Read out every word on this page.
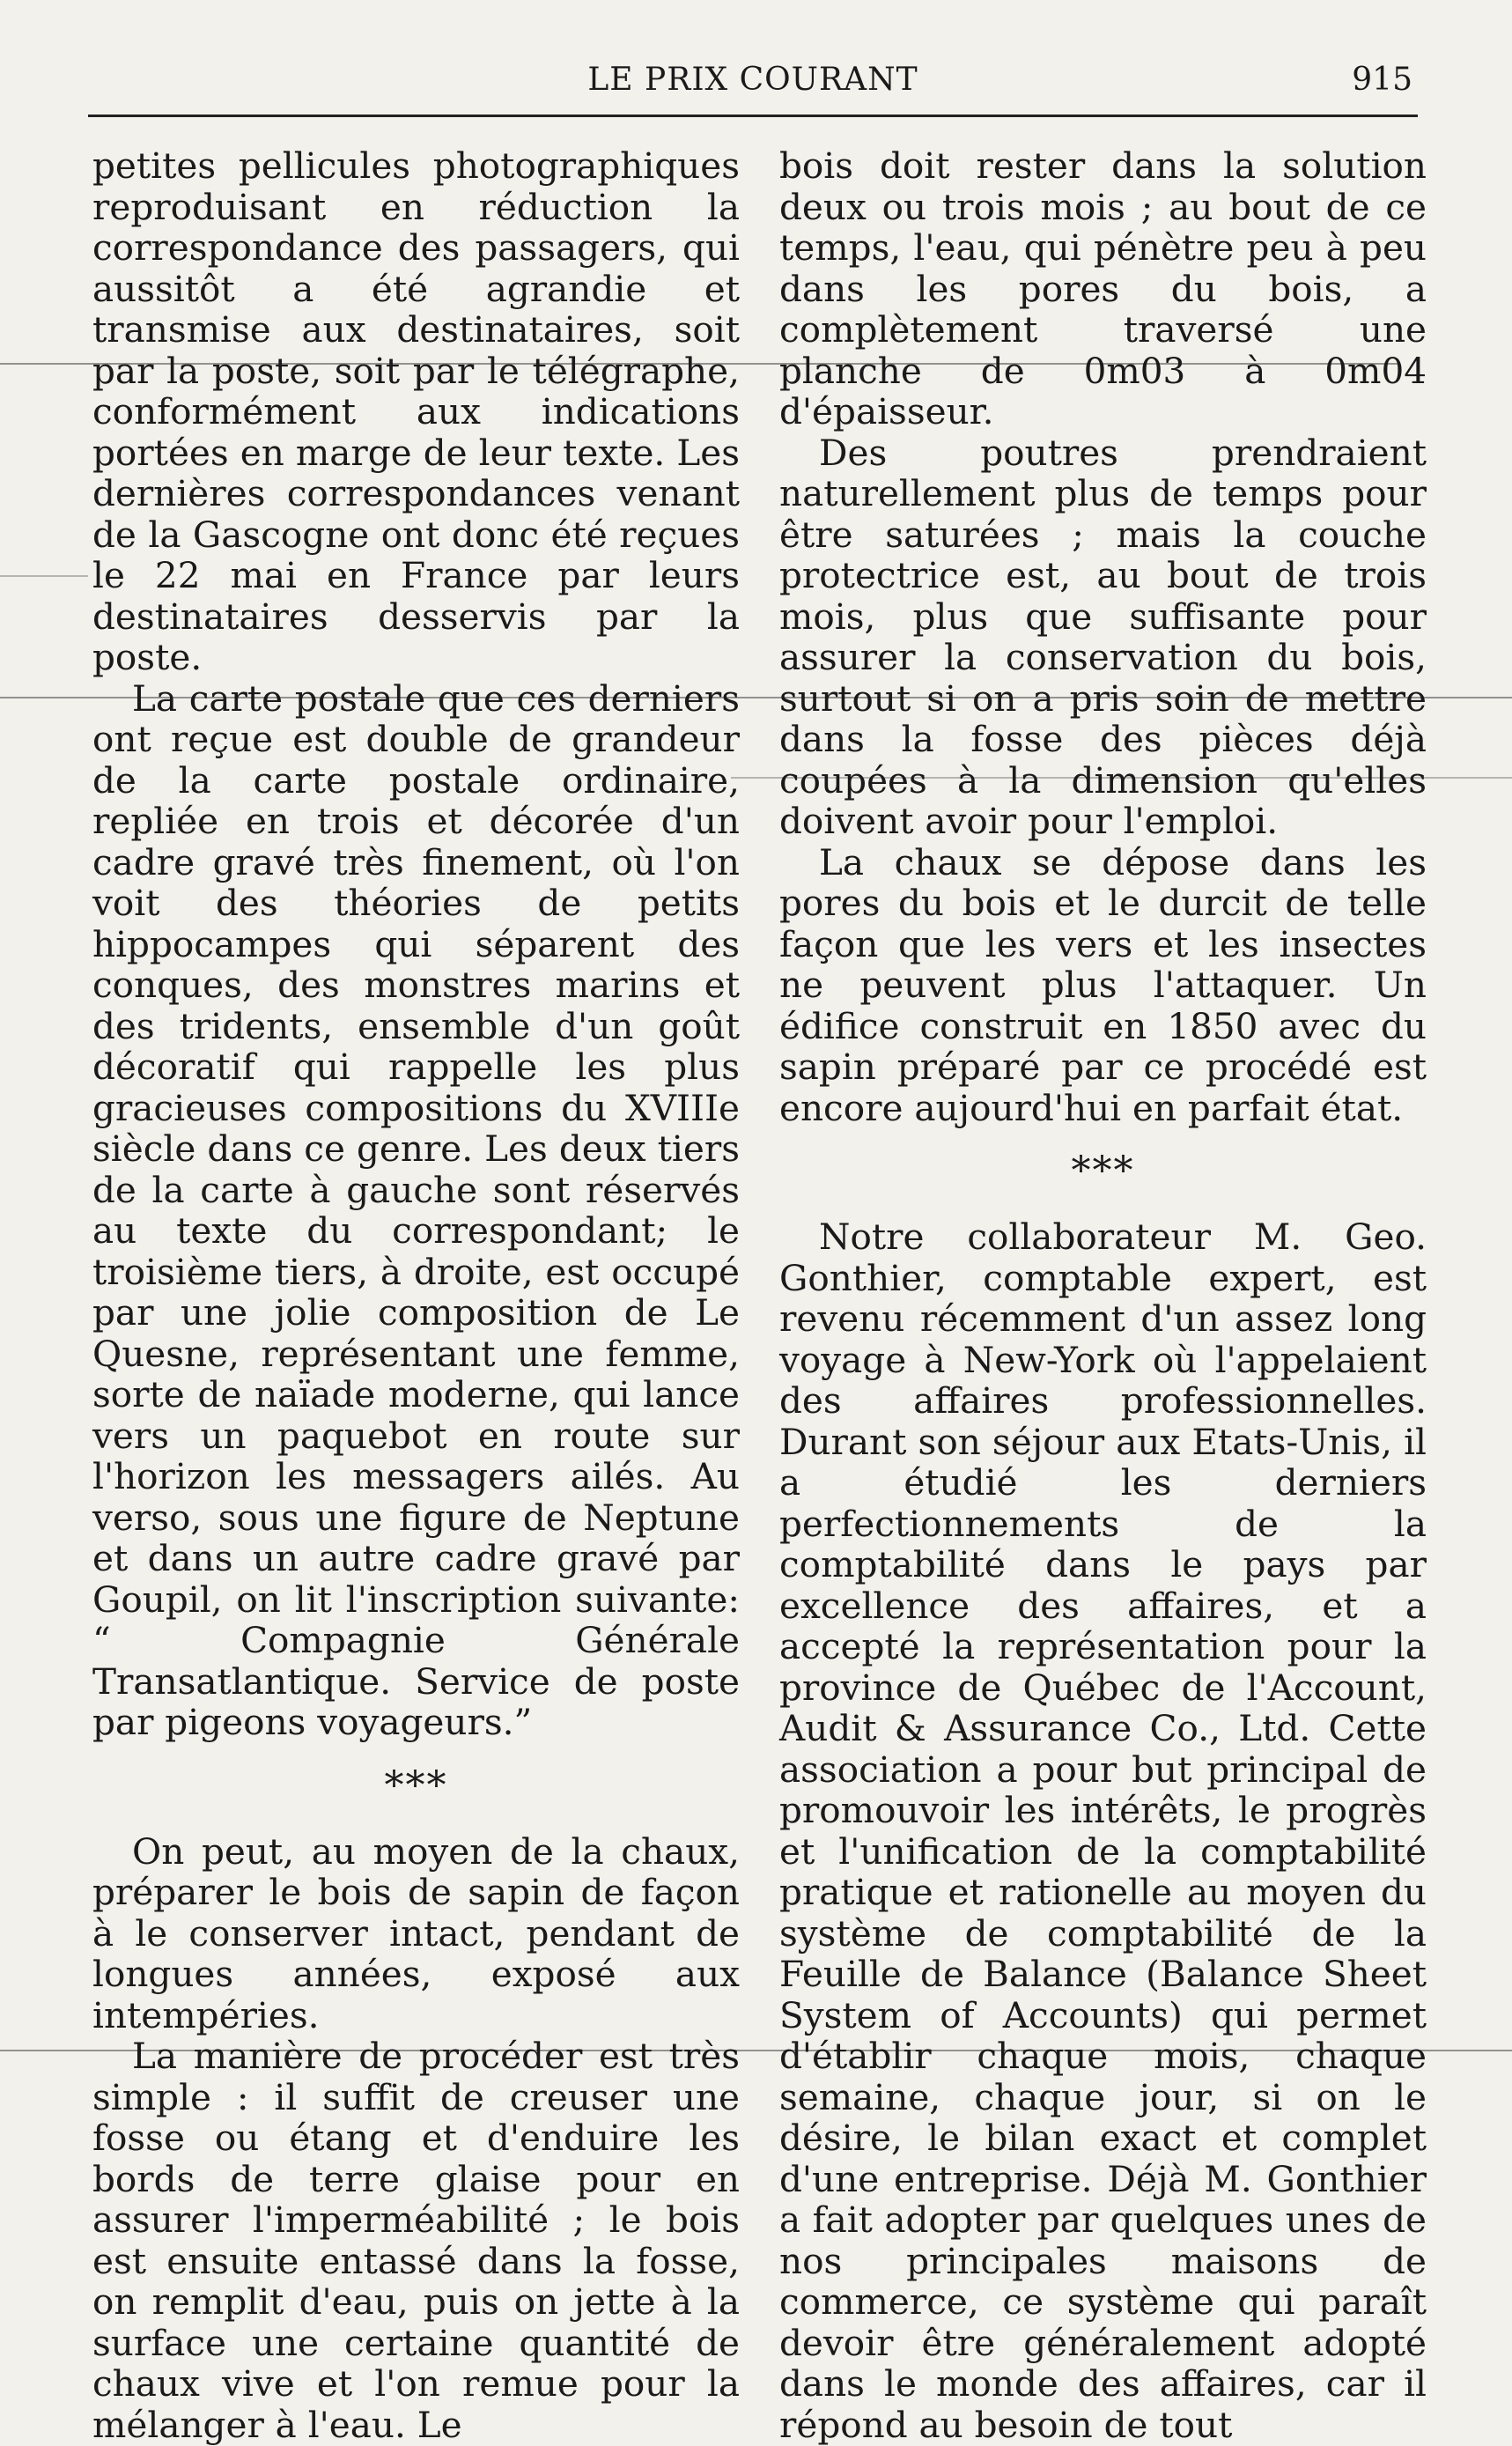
LE PRIX COURANT	915

petites pellicules photographiques reproduisant en réduction la correspondance des passagers, qui aussitôt a été agrandie et transmise aux destinataires, soit par la poste, soit par le télégraphe, conformément aux indications portées en marge de leur texte. Les dernières correspondances venant de la Gascogne ont donc été reçues le 22 mai en France par leurs destinataires desservis par la poste.

La carte postale que ces derniers ont reçue est double de grandeur de la carte postale ordinaire, repliée en trois et décorée d'un cadre gravé très finement, où l'on voit des théories de petits hippocampes qui séparent des conques, des monstres marins et des tridents, ensemble d'un goût décoratif qui rappelle les plus gracieuses compositions du XVIIIe siècle dans ce genre. Les deux tiers de la carte à gauche sont réservés au texte du correspondant; le troisième tiers, à droite, est occupé par une jolie composition de Le Quesne, représentant une femme, sorte de naïade moderne, qui lance vers un paquebot en route sur l'horizon les messagers ailés. Au verso, sous une figure de Neptune et dans un autre cadre gravé par Goupil, on lit l'inscription suivante: “ Compagnie Générale Transatlantique. Service de poste par pigeons voyageurs.”

***

On peut, au moyen de la chaux, préparer le bois de sapin de façon à le conserver intact, pendant de longues années, exposé aux intempéries.

La manière de procéder est très simple : il suffit de creuser une fosse ou étang et d'enduire les bords de terre glaise pour en assurer l'imperméabilité ; le bois est ensuite entassé dans la fosse, on remplit d'eau, puis on jette à la surface une certaine quantité de chaux vive et l'on remue pour la mélanger à l'eau. Le

bois doit rester dans la solution deux ou trois mois ; au bout de ce temps, l'eau, qui pénètre peu à peu dans les pores du bois, a complètement traversé une planche de 0m03 à 0m04 d'épaisseur.

Des poutres prendraient naturellement plus de temps pour être saturées ; mais la couche protectrice est, au bout de trois mois, plus que suffisante pour assurer la conservation du bois, surtout si on a pris soin de mettre dans la fosse des pièces déjà coupées à la dimension qu'elles doivent avoir pour l'emploi.

La chaux se dépose dans les pores du bois et le durcit de telle façon que les vers et les insectes ne peuvent plus l'attaquer. Un édifice construit en 1850 avec du sapin préparé par ce procédé est encore aujourd'hui en parfait état.

***

Notre collaborateur M. Geo. Gonthier, comptable expert, est revenu récemment d'un assez long voyage à New-York où l'appelaient des affaires professionnelles. Durant son séjour aux Etats-Unis, il a étudié les derniers perfectionnements de la comptabilité dans le pays par excellence des affaires, et a accepté la représentation pour la province de Québec de l'Account, Audit & Assurance Co., Ltd. Cette association a pour but principal de promouvoir les intérêts, le progrès et l'unification de la comptabilité pratique et rationelle au moyen du système de comptabilité de la Feuille de Balance (Balance Sheet System of Accounts) qui permet d'établir chaque mois, chaque semaine, chaque jour, si on le désire, le bilan exact et complet d'une entreprise. Déjà M. Gonthier a fait adopter par quelques unes de nos principales maisons de commerce, ce système qui paraît devoir être généralement adopté dans le monde des affaires, car il répond au besoin de tout
